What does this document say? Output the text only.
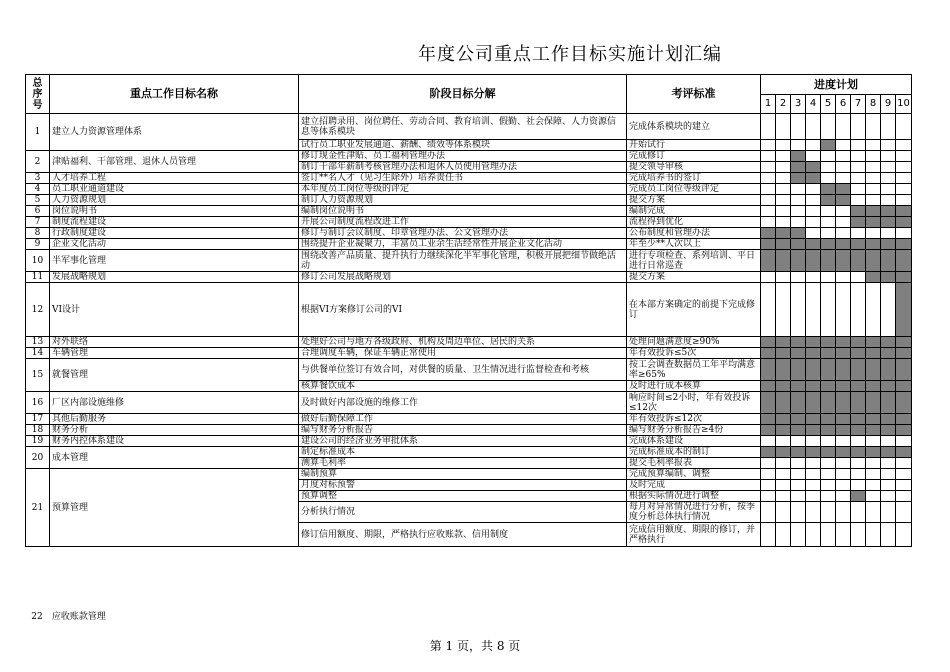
年度公司重点工作目标实施计划汇编
总序号	重点工作目标名称	阶段目标分解	考评标准	进度计划									
				1	2	3	4	5	6	7	8	9	10
1	建立人力资源管理体系	建立招聘录用、岗位聘任、劳动合同、教育培训、假勤、社会保障、人力资源信息等体系模块	完成体系模块的建立										
		试行员工职业发展通道、薪酬、绩效等体系模块	开始试行										
2	津贴福利、干部管理、退休人员管理	修订现金性津贴、员工福利管理办法	完成修订										
		制订干部年薪制考核管理办法和退休人员使用管理办法	提交领导审核										
3	人才培养工程	签订**名人才（见习生除外）培养责任书	完成培养书的签订										
4	员工职业通道建设	本年度员工岗位等级的评定	完成员工岗位等级评定										
5	人力资源规划	制订人力资源规划	提交方案										
6	岗位说明书	编制岗位说明书	编制完成										
7	制度流程建设	开展公司制度流程改进工作	流程得到优化										
8	行政制度建设	修订与制订会议制度、印章管理办法、公文管理办法	公布制度和管理办法										
9	企业文化活动	围绕提升企业凝聚力，丰富员工业余生活经常性开展企业文化活动	年至少**人次以上										
10	半军事化管理	围绕改善产品质量、提升执行力继续深化半军事化管理，积极开展把细节做绝活动	进行专项检查、系列培训、平日进行日常巡查										
11	发展战略规划	修订公司发展战略规划	提交方案										
12	VI设计	根据VI方案修订公司的VI	在本部方案确定的前提下完成修订										
13	对外联络	处理好公司与地方各级政府、机构及周边单位、居民的关系	处理问题满意度≥90%										
14	车辆管理	合理调度车辆，保证车辆正常使用	年有效投诉≤5次										
15	就餐管理	与供餐单位签订有效合同，对供餐的质量、卫生情况进行监督检查和考核	按工会调查数据员工年平均满意率≥65%										
		核算餐饮成本	及时进行成本核算										
16	厂区内部设施维修	及时做好内部设施的维修工作	响应时间≤2小时，年有效投诉≤12次										
17	其他后勤服务	做好后勤保障工作	年有效投诉≤12次										
18	财务分析	编写财务分析报告	编写财务分析报告≥4份										
19	财务内控体系建设	建设公司的经济业务审批体系	完成体系建设										
20	成本管理	制定标准成本	完成标准成本的制订										
		测算毛利率	提交毛利率报表										
21	预算管理	编制预算	完成预算编制、调整										
		月度对标预警	及时完成										
		预算调整	根据实际情况进行调整										
		分析执行情况	每月对异常情况进行分析，按季度分析总体执行情况										
		修订信用额度、期限，严格执行应收账款、信用制度	完成信用额度、期限的修订，并严格执行										
22 应收账款管理
第 1 页，共 8 页
